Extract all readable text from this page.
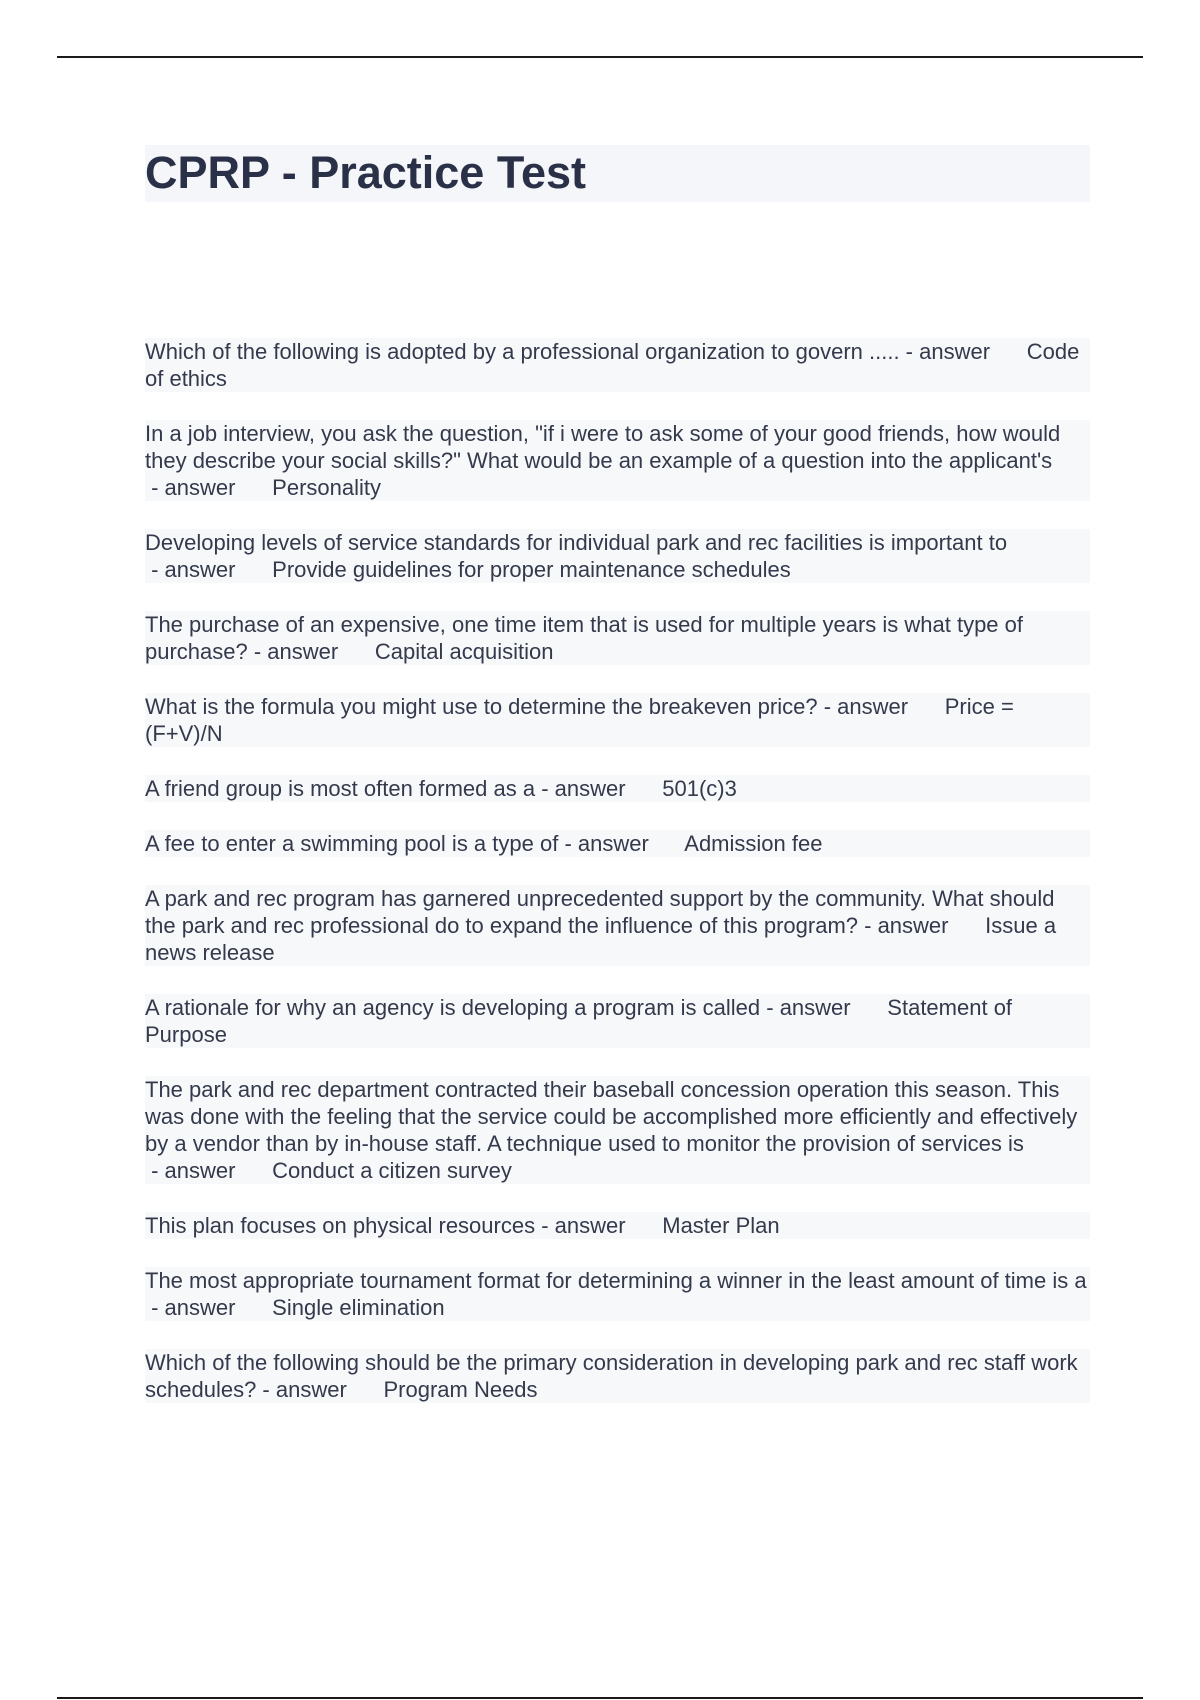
CPRP - Practice Test

Which of the following is adopted by a professional organization to govern ..... - answer      Code of ethics

In a job interview, you ask the question, "if i were to ask some of your good friends, how would they describe your social skills?" What would be an example of a question into the applicant's - answer      Personality

Developing levels of service standards for individual park and rec facilities is important to - answer      Provide guidelines for proper maintenance schedules

The purchase of an expensive, one time item that is used for multiple years is what type of purchase? - answer      Capital acquisition

What is the formula you might use to determine the breakeven price? - answer      Price = (F+V)/N

A friend group is most often formed as a - answer      501(c)3

A fee to enter a swimming pool is a type of - answer      Admission fee

A park and rec program has garnered unprecedented support by the community. What should the park and rec professional do to expand the influence of this program? - answer      Issue a news release

A rationale for why an agency is developing a program is called - answer      Statement of Purpose

The park and rec department contracted their baseball concession operation this season. This was done with the feeling that the service could be accomplished more efficiently and effectively by a vendor than by in-house staff. A technique used to monitor the provision of services is - answer      Conduct a citizen survey

This plan focuses on physical resources - answer      Master Plan

The most appropriate tournament format for determining a winner in the least amount of time is a - answer      Single elimination

Which of the following should be the primary consideration in developing park and rec staff work schedules? - answer      Program Needs
